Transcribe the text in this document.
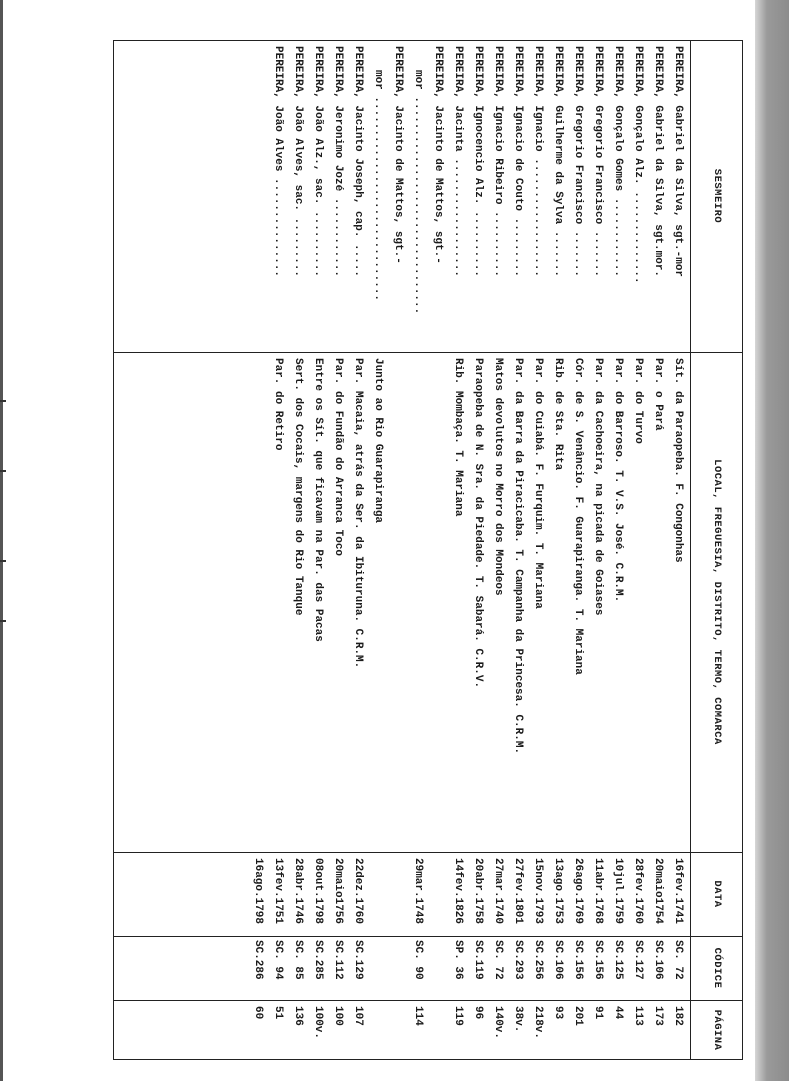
SESMEIRO
LOCAL, FREGUESIA, DISTRITO, TERMO, COMARCA
DATA
CÓDICE
PÁGINA
PEREIRA, Gabriel da Silva, sgt.-mor
PEREIRA, Gabriel da Silva, sgt.mor.
PEREIRA, Gonçalo Alz. ..............
PEREIRA, Gonçalo Gomes ............
PEREIRA, Gregorio Francisco .......
PEREIRA, Gregorio Francisco .......
PEREIRA, Guilherme da Sylva .......
PEREIRA, Ignacio ..................
PEREIRA, Ignacio de Couto .........
PEREIRA, Ignacio Ribeiro ..........
PEREIRA, Ignocencio Alz. ..........
PEREIRA, Jacinta ..................
PEREIRA, Jacinto de Mattos, sgt.-
mor .................................
PEREIRA, Jacinto de Mattos, sgt.-
mor ...............................
PEREIRA, Jacinto Joseph, cap. .....
PEREIRA, Jeronimo Jozé ............
PEREIRA, João Alz., sac. ..........
PEREIRA, João Alves, sac. .........
PEREIRA, João Alves ...............
Sít. da Paraopeba. F. Congonhas
Par. o Pará
Par. do Turvo
Par. do Barroso. T. V.S. José. C.R.M.
Par. da Cachoeira, na picada de Goiases
Cór. de S. Venâncio. F. Guarapiranga. T. Mariana
Rib. de Sta. Rita
Par. do Cuiabá. F. Furquim. T. Mariana
Par. da Barra da Piracicaba. T. Campanha da Princesa. C.R.M.
Matos devolutos no Morro dos Mondeos
Paraopeba de N. Sra. da Piedade. T. Sabará. C.R.V.
Rib. Mombaça. T. Mariana
Junto ao Rio Guarapiranga
Par. Macaia, atrás da Ser. da Ibituruna. C.R.M.
Par. do Fundão do Arranca Toco
Entre os Sít. que ficavam na Par. das Pacas
Sert. dos Cocais, margens do Rio Tanque
Par. do Retiro
16fev.1741
20maio1754
28fev.1760
10jul.1759
11abr.1768
26ago.1769
13ago.1753
15nov.1793
27fev.1801
27mar.1740
20abr.1758
14fev.1826
29mar.1748
22dez.1760
20maio1756
08out.1798
28abr.1746
13fev.1751
16ago.1798
SC. 72
SC.106
SC.127
SC.125
SC.156
SC.156
SC.106
SC.256
SC.293
SC. 72
SC.119
SP. 36
SC. 90
SC.129
SC.112
SC.285
SC. 85
SC. 94
SC.286
182
173
113
44
91
201
93
218v.
38v.
140v.
96
119
114
107
100
100v.
136
51
60
